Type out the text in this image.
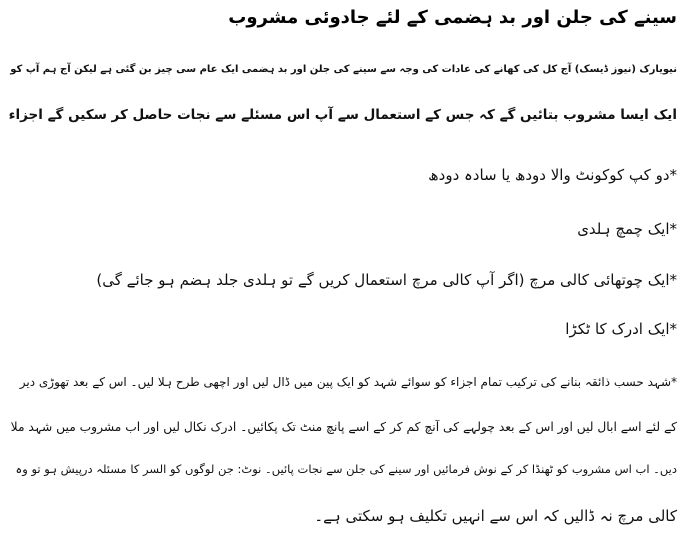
سینے کی جلن اور بد ہضمی کے لئے جادوئی مشروب
نیویارک (نیوز ڈیسک) آج کل کی کھانے کی عادات کی وجہ سے سینے کی جلن اور بد ہضمی ایک عام سی چیز بن گئی ہے لیکن آج ہم آپ کو
ایک ایسا مشروب بتائیں گے کہ جس کے استعمال سے آپ اس مسئلے سے نجات حاصل کر سکیں گے اجزاء
*دو کپ کوکونٹ والا دودھ یا سادہ دودھ
*ایک چمچ ہلدی
*ایک چوتھائی کالی مرچ (اگر آپ کالی مرچ استعمال کریں گے تو ہلدی جلد ہضم ہو جائے گی)
*ایک ادرک کا ٹکڑا
*شہد حسب ذائقہ بنانے کی ترکیب تمام اجزاء کو سوائے شہد کو ایک پین میں ڈال لیں اور اچھی طرح ہلا لیں۔ اس کے بعد تھوڑی دیر
کے لئے اسے ابال لیں اور اس کے بعد چولہے کی آنچ کم کر کے اسے پانچ منٹ تک پکائیں۔ ادرک نکال لیں اور اب مشروب میں شہد ملا
دیں۔ اب اس مشروب کو ٹھنڈا کر کے نوش فرمائیں اور سینے کی جلن سے نجات پائیں۔ نوٹ: جن لوگوں کو السر کا مسئلہ درپیش ہو تو وہ
کالی مرچ نہ ڈالیں کہ اس سے انہیں تکلیف ہو سکتی ہے۔
